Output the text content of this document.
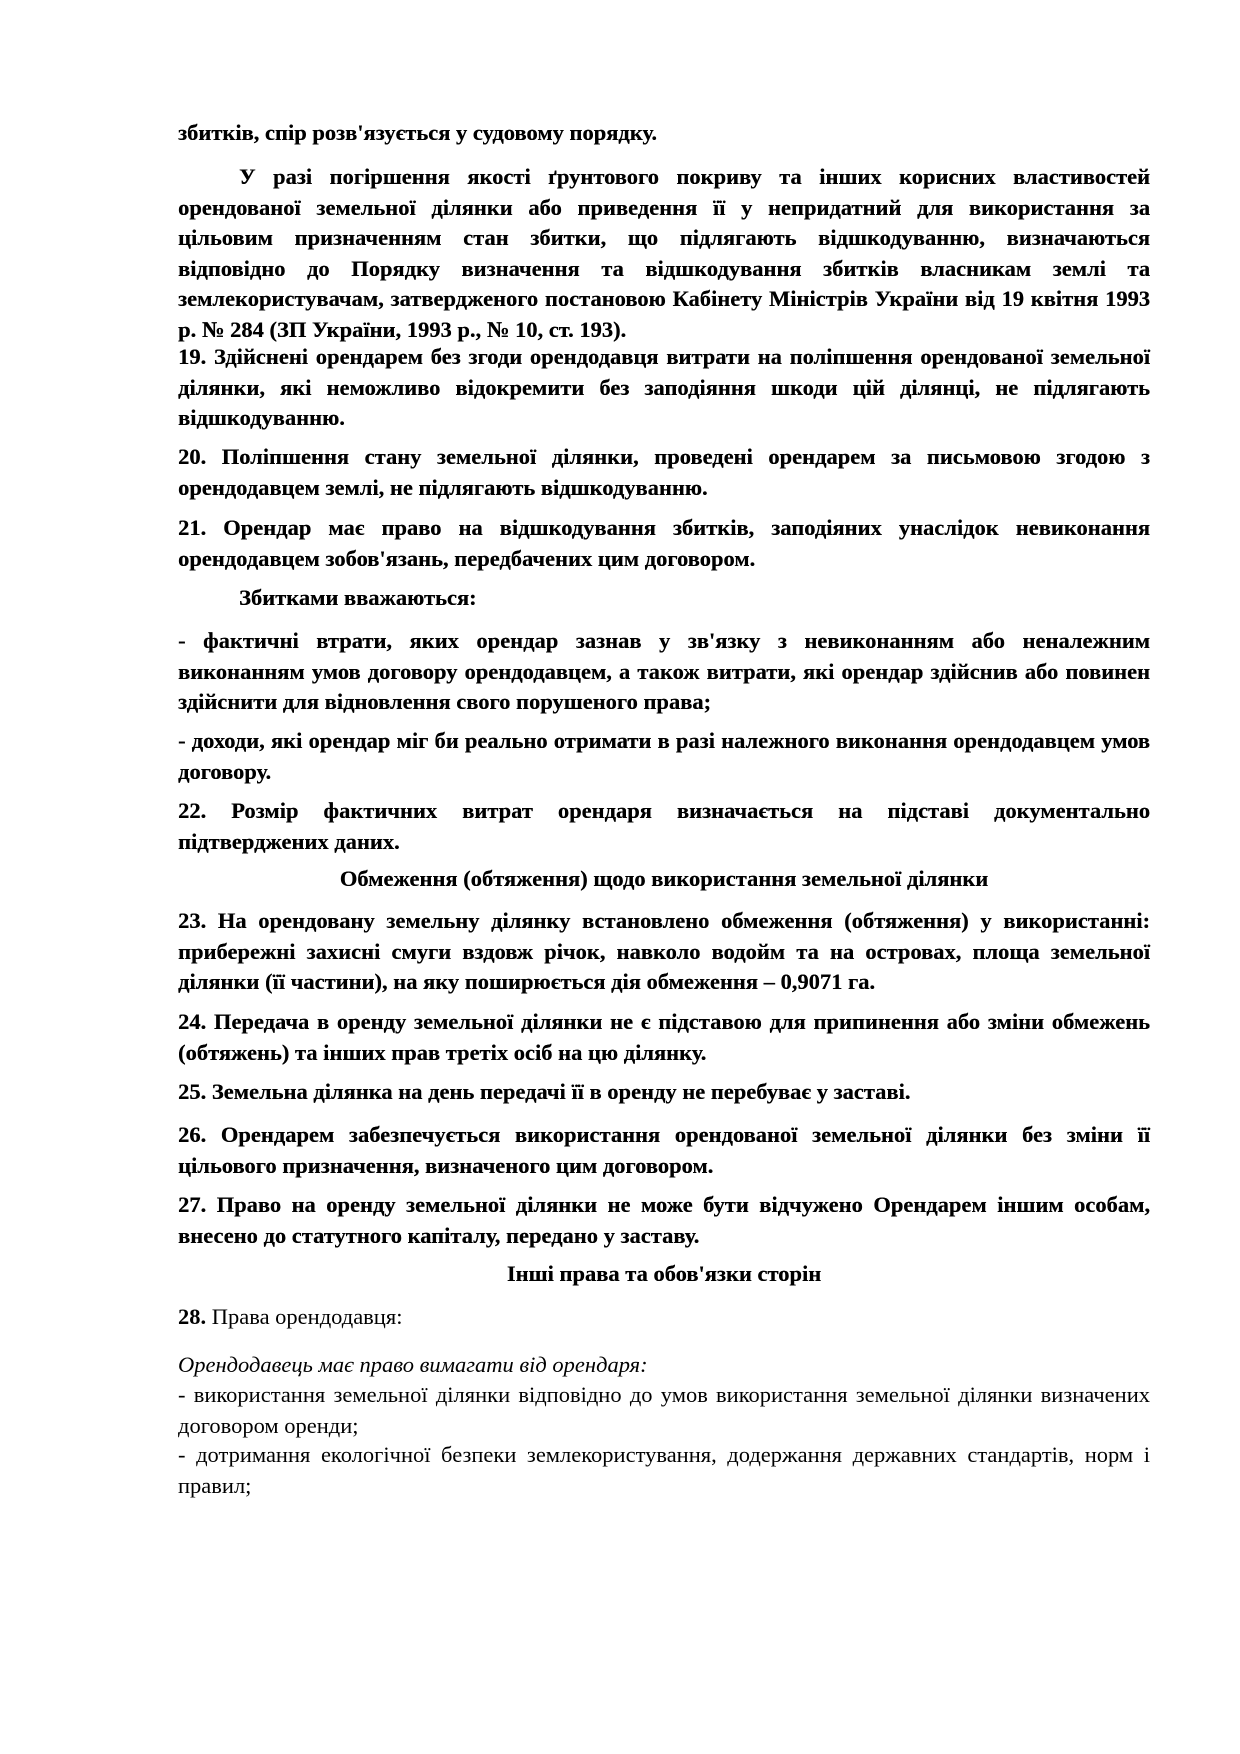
збитків, спір розв'язується у судовому порядку.

У разі погіршення якості ґрунтового покриву та інших корисних властивостей орендованої земельної ділянки або приведення її у непридатний для використання за цільовим призначенням стан збитки, що підлягають відшкодуванню, визначаються відповідно до Порядку визначення та відшкодування збитків власникам землі та землекористувачам, затвердженого постановою Кабінету Міністрів України від 19 квітня 1993 р. № 284 (ЗП України, 1993 р., № 10, ст. 193).

19. Здійснені орендарем без згоди орендодавця витрати на поліпшення орендованої земельної ділянки, які неможливо відокремити без заподіяння шкоди цій ділянці, не підлягають відшкодуванню.

20. Поліпшення стану земельної ділянки, проведені орендарем за письмовою згодою з орендодавцем землі, не підлягають відшкодуванню.

21. Орендар має право на відшкодування збитків, заподіяних унаслідок невиконання орендодавцем зобов'язань, передбачених цим договором.

Збитками вважаються:

- фактичні втрати, яких орендар зазнав у зв'язку з невиконанням або неналежним виконанням умов договору орендодавцем, а також витрати, які орендар здійснив або повинен здійснити для відновлення свого порушеного права;

- доходи, які орендар міг би реально отримати в разі належного виконання орендодавцем умов договору.

22. Розмір фактичних витрат орендаря визначається на підставі документально підтверджених даних.

Обмеження (обтяження) щодо використання земельної ділянки

23. На орендовану земельну ділянку встановлено обмеження (обтяження) у використанні: прибережні захисні смуги вздовж річок, навколо водойм та на островах, площа земельної ділянки (її частини), на яку поширюється дія обмеження – 0,9071 га.

24. Передача в оренду земельної ділянки не є підставою для припинення або зміни обмежень (обтяжень) та інших прав третіх осіб на цю ділянку.

25. Земельна ділянка на день передачі її в оренду не перебуває у заставі.

26. Орендарем забезпечується використання орендованої земельної ділянки без зміни її цільового призначення, визначеного цим договором.

27. Право на оренду земельної ділянки не може бути відчужено Орендарем іншим особам, внесено до статутного капіталу, передано у заставу.

Інші права та обов'язки сторін

28. Права орендодавця:

Орендодавець має право вимагати від орендаря:

- використання земельної ділянки відповідно до умов використання земельної ділянки визначених договором оренди;

- дотримання екологічної безпеки землекористування, додержання державних стандартів, норм і правил;
